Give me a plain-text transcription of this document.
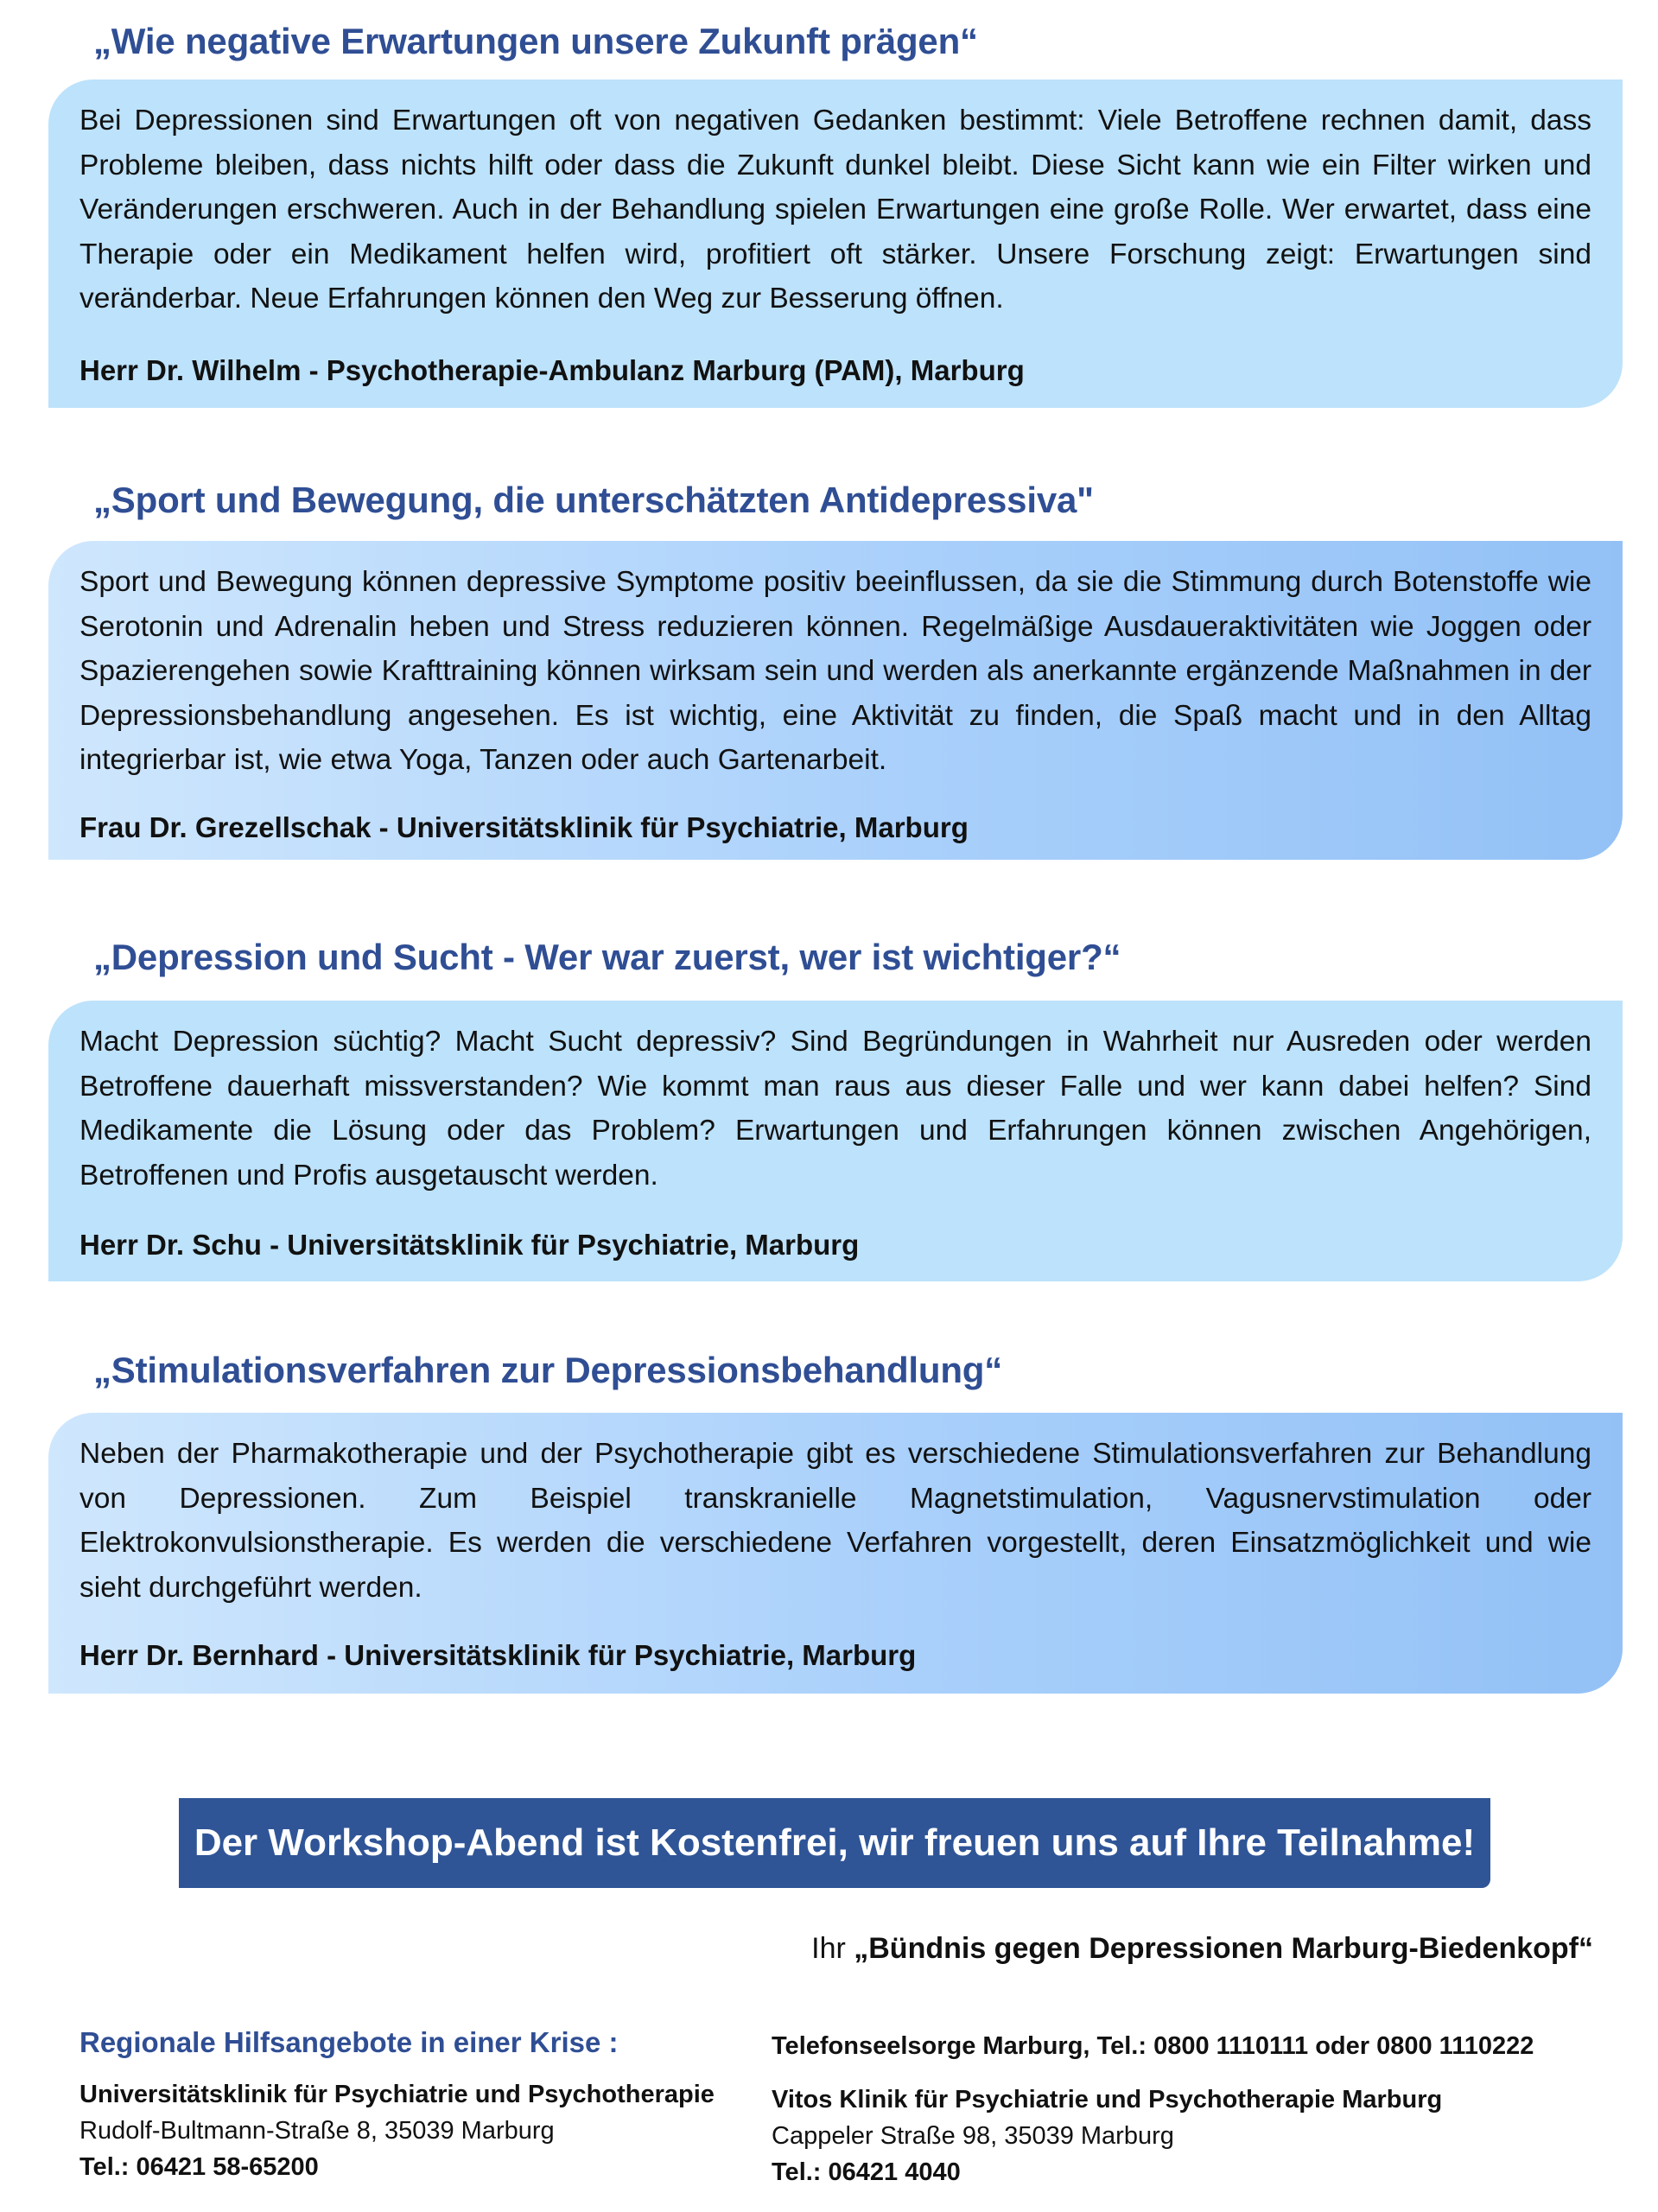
„Wie negative Erwartungen unsere Zukunft prägen“
Bei Depressionen sind Erwartungen oft von negativen Gedanken bestimmt: Viele Betroffene rechnen damit, dass Probleme bleiben, dass nichts hilft oder dass die Zukunft dunkel bleibt. Diese Sicht kann wie ein Filter wirken und Veränderungen erschweren. Auch in der Behandlung spielen Erwartungen eine große Rolle. Wer erwartet, dass eine Therapie oder ein Medikament helfen wird, profitiert oft stärker. Unsere Forschung zeigt: Erwartungen sind veränderbar. Neue Erfahrungen können den Weg zur Besserung öffnen.
Herr Dr. Wilhelm - Psychotherapie-Ambulanz Marburg (PAM), Marburg
„Sport und Bewegung, die unterschätzten Antidepressiva"
Sport und Bewegung können depressive Symptome positiv beeinflussen, da sie die Stimmung durch Botenstoffe wie Serotonin und Adrenalin heben und Stress reduzieren können. Regelmäßige Ausdaueraktivitäten wie Joggen oder Spazierengehen sowie Krafttraining können wirksam sein und werden als anerkannte ergänzende Maßnahmen in der Depressionsbehandlung angesehen. Es ist wichtig, eine Aktivität zu finden, die Spaß macht und in den Alltag integrierbar ist, wie etwa Yoga, Tanzen oder auch Gartenarbeit.
Frau Dr. Grezellschak - Universitätsklinik für Psychiatrie, Marburg
„Depression und Sucht - Wer war zuerst, wer ist wichtiger?“
Macht Depression süchtig? Macht Sucht depressiv? Sind Begründungen in Wahrheit nur Ausreden oder werden Betroffene dauerhaft missverstanden? Wie kommt man raus aus dieser Falle und wer kann dabei helfen? Sind Medikamente die Lösung oder das Problem? Erwartungen und Erfahrungen können zwischen Angehörigen, Betroffenen und Profis ausgetauscht werden.
Herr Dr. Schu - Universitätsklinik für Psychiatrie, Marburg
„Stimulationsverfahren zur Depressionsbehandlung“
Neben der Pharmakotherapie und der Psychotherapie gibt es verschiedene Stimulationsverfahren zur Behandlung von Depressionen. Zum Beispiel transkranielle Magnetstimulation, Vagusnervstimulation oder Elektrokonvulsionstherapie. Es werden die verschiedene Verfahren vorgestellt, deren Einsatzmöglichkeit und wie sieht durchgeführt werden.
Herr Dr. Bernhard - Universitätsklinik für Psychiatrie, Marburg
Der Workshop-Abend ist Kostenfrei, wir freuen uns auf Ihre Teilnahme!
Ihr „Bündnis gegen Depressionen Marburg-Biedenkopf“
Regionale Hilfsangebote in einer Krise :
Universitätsklinik für Psychiatrie und Psychotherapie
Rudolf-Bultmann-Straße 8, 35039 Marburg
Tel.: 06421 58-65200
Telefonseelsorge Marburg, Tel.: 0800 1110111 oder 0800 1110222
Vitos Klinik für Psychiatrie und Psychotherapie Marburg
Cappeler Straße 98, 35039 Marburg
Tel.: 06421 4040
